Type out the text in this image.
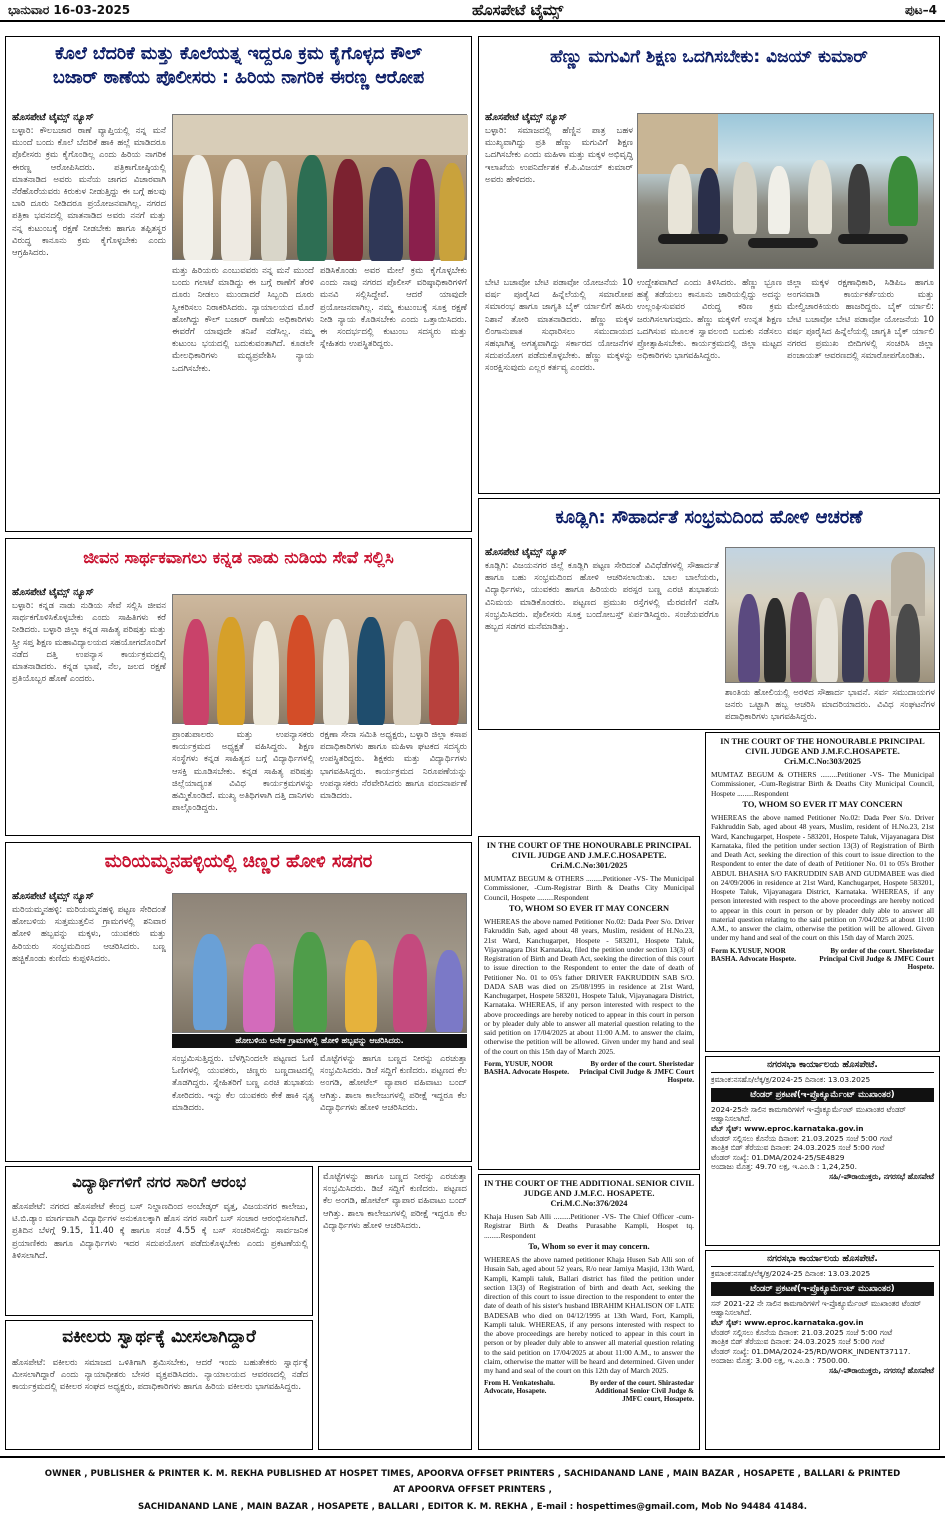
ಭಾನುವಾರ 16-03-2025	ಹೊಸಪೇಟೆ ಟೈಮ್ಸ್	ಪುಟ–4
ಕೊಲೆ ಬೆದರಿಕೆ ಮತ್ತು ಕೊಲೆಯತ್ನ ಇದ್ದರೂ ಕ್ರಮ ಕೈಗೊಳ್ಳದ ಕೌಲ್
ಬಜಾರ್ ಠಾಣೆಯ ಪೊಲೀಸರು : ಹಿರಿಯ ನಾಗರಿಕ ಈರಣ್ಣ ಆರೋಪ
ಹೊಸಪೇಟೆ ಟೈಮ್ಸ್ ನ್ಯೂಸ್
ಬಳ್ಳಾರಿ: ಕೌಲಬಜಾರ ಠಾಣೆ ವ್ಯಾಪ್ತಿಯಲ್ಲಿ ನನ್ನ ಮನೆ ಮುಂದೆ ಬಂದು ಕೊಲೆ ಬೆದರಿಕೆ ಹಾಕಿ ಹಲ್ಲೆ ಮಾಡಿದರೂ ಪೊಲೀಸರು ಕ್ರಮ ಕೈಗೊಂಡಿಲ್ಲ ಎಂದು ಹಿರಿಯ ನಾಗರಿಕ ಈರಣ್ಣ ಆರೋಪಿಸಿದರು. ಪತ್ರಿಕಾಗೋಷ್ಠಿಯಲ್ಲಿ ಮಾತನಾಡಿದ ಅವರು ಮನೆಯ ಜಾಗದ ವಿಚಾರವಾಗಿ ನೆರೆಹೊರೆಯವರು ಕಿರುಕುಳ ನೀಡುತ್ತಿದ್ದು ಈ ಬಗ್ಗೆ ಹಲವು ಬಾರಿ ದೂರು ನೀಡಿದರೂ ಪ್ರಯೋಜನವಾಗಿಲ್ಲ. ನಗರದ ಪತ್ರಿಕಾ ಭವನದಲ್ಲಿ ಮಾತನಾಡಿದ ಅವರು ನನಗೆ ಮತ್ತು ನನ್ನ ಕುಟುಂಬಕ್ಕೆ ರಕ್ಷಣೆ ನೀಡಬೇಕು ಹಾಗೂ ತಪ್ಪಿತಸ್ಥರ ವಿರುದ್ಧ ಕಾನೂನು ಕ್ರಮ ಕೈಗೊಳ್ಳಬೇಕು ಎಂದು ಆಗ್ರಹಿಸಿದರು.
ಮತ್ತು ಹಿರಿಯರು ಎಂಬುವವರು ನನ್ನ ಮನೆ ಮುಂದೆ ಬಂದು ಗಲಾಟೆ ಮಾಡಿದ್ದು ಈ ಬಗ್ಗೆ ಠಾಣೆಗೆ ತೆರಳಿ ದೂರು ನೀಡಲು ಮುಂದಾದರೆ ಸಿಬ್ಬಂದಿ ದೂರು ಸ್ವೀಕರಿಸಲು ನಿರಾಕರಿಸಿದರು. ನ್ಯಾಯಾಲಯದ ಮೊರೆ ಹೋಗಿದ್ದು ಕೌಲ್ ಬಜಾರ್ ಠಾಣೆಯ ಅಧಿಕಾರಿಗಳು ಈವರೆಗೆ ಯಾವುದೇ ತನಿಖೆ ನಡೆಸಿಲ್ಲ. ನಮ್ಮ ಕುಟುಂಬ ಭಯದಲ್ಲಿ ಬದುಕುವಂತಾಗಿದೆ. ಕೂಡಲೇ ಮೇಲಧಿಕಾರಿಗಳು ಮಧ್ಯಪ್ರವೇಶಿಸಿ ನ್ಯಾಯ ಒದಗಿಸಬೇಕು.
ಪಡಿಸಿಕೊಂಡು ಅವರ ಮೇಲೆ ಕ್ರಮ ಕೈಗೊಳ್ಳಬೇಕು ಎಂದು ನಾವು ನಗರದ ಪೊಲೀಸ್ ವರಿಷ್ಠಾಧಿಕಾರಿಗಳಿಗೆ ಮನವಿ ಸಲ್ಲಿಸಿದ್ದೇವೆ. ಆದರೆ ಯಾವುದೇ ಪ್ರಯೋಜನವಾಗಿಲ್ಲ. ನಮ್ಮ ಕುಟುಂಬಕ್ಕೆ ಸೂಕ್ತ ರಕ್ಷಣೆ ನೀಡಿ ನ್ಯಾಯ ಕೊಡಿಸಬೇಕು ಎಂದು ಒತ್ತಾಯಿಸಿದರು. ಈ ಸಂದರ್ಭದಲ್ಲಿ ಕುಟುಂಬ ಸದಸ್ಯರು ಮತ್ತು ಸ್ನೇಹಿತರು ಉಪಸ್ಥಿತರಿದ್ದರು.
ಹೆಣ್ಣು ಮಗುವಿಗೆ ಶಿಕ್ಷಣ ಒದಗಿಸಬೇಕು: ವಿಜಯ್ ಕುಮಾರ್
ಹೊಸಪೇಟೆ ಟೈಮ್ಸ್ ನ್ಯೂಸ್
ಬಳ್ಳಾರಿ: ಸಮಾಜದಲ್ಲಿ ಹೆಣ್ಣಿನ ಪಾತ್ರ ಬಹಳ ಮುಖ್ಯವಾಗಿದ್ದು ಪ್ರತಿ ಹೆಣ್ಣು ಮಗುವಿಗೆ ಶಿಕ್ಷಣ ಒದಗಿಸಬೇಕು ಎಂದು ಮಹಿಳಾ ಮತ್ತು ಮಕ್ಕಳ ಅಭಿವೃದ್ಧಿ ಇಲಾಖೆಯ ಉಪನಿರ್ದೇಶಕ ಕೆ.ಪಿ.ವಿಜಯ್ ಕುಮಾರ್ ಅವರು ಹೇಳಿದರು.
ಬೇಟಿ ಬಚಾವೋ ಬೇಟಿ ಪಡಾವೋ ಯೋಜನೆಯ 10 ವರ್ಷ ಪೂರೈಸಿದ ಹಿನ್ನೆಲೆಯಲ್ಲಿ ಸಮಾರೋಪ ಸಮಾರಂಭ ಹಾಗೂ ಜಾಗೃತಿ ಬೈಕ್ ರ್ಯಾಲಿಗೆ ಹಸಿರು ನಿಶಾನೆ ತೋರಿ ಮಾತನಾಡಿದರು. ಹೆಣ್ಣು ಮಕ್ಕಳ ಲಿಂಗಾನುಪಾತ ಸುಧಾರಿಸಲು ಸಮುದಾಯದ ಸಹಭಾಗಿತ್ವ ಅಗತ್ಯವಾಗಿದ್ದು ಸರ್ಕಾರದ ಯೋಜನೆಗಳ ಸದುಪಯೋಗ ಪಡೆದುಕೊಳ್ಳಬೇಕು. ಹೆಣ್ಣು ಮಕ್ಕಳನ್ನು ಸಂರಕ್ಷಿಸುವುದು ಎಲ್ಲರ ಕರ್ತವ್ಯ ಎಂದರು.
ಉದ್ದೇಶವಾಗಿದೆ ಎಂದು ತಿಳಿಸಿದರು. ಹೆಣ್ಣು ಭ್ರೂಣ ಹತ್ಯೆ ತಡೆಯಲು ಕಾನೂನು ಜಾರಿಯಲ್ಲಿದ್ದು ಅದನ್ನು ಉಲ್ಲಂಘಿಸುವವರ ವಿರುದ್ಧ ಕಠಿಣ ಕ್ರಮ ಜರುಗಿಸಲಾಗುವುದು. ಹೆಣ್ಣು ಮಕ್ಕಳಿಗೆ ಉನ್ನತ ಶಿಕ್ಷಣ ಒದಗಿಸುವ ಮೂಲಕ ಸ್ವಾವಲಂಬಿ ಬದುಕು ನಡೆಸಲು ಪ್ರೋತ್ಸಾಹಿಸಬೇಕು. ಕಾರ್ಯಕ್ರಮದಲ್ಲಿ ಜಿಲ್ಲಾ ಮಟ್ಟದ ಅಧಿಕಾರಿಗಳು ಭಾಗವಹಿಸಿದ್ದರು.
ಜಿಲ್ಲಾ ಮಕ್ಕಳ ರಕ್ಷಣಾಧಿಕಾರಿ, ಸಿಡಿಪಿಒ ಹಾಗೂ ಅಂಗನವಾಡಿ ಕಾರ್ಯಕರ್ತೆಯರು ಮತ್ತು ಮೇಲ್ವಿಚಾರಕಿಯರು ಹಾಜರಿದ್ದರು. ಬೈಕ್ ರ್ಯಾಲಿ: ಬೇಟಿ ಬಚಾವೋ ಬೇಟಿ ಪಡಾವೋ ಯೋಜನೆಯ 10 ವರ್ಷ ಪೂರೈಸಿದ ಹಿನ್ನೆಲೆಯಲ್ಲಿ ಜಾಗೃತಿ ಬೈಕ್ ರ್ಯಾಲಿ ನಗರದ ಪ್ರಮುಖ ಬೀದಿಗಳಲ್ಲಿ ಸಂಚರಿಸಿ ಜಿಲ್ಲಾ ಪಂಚಾಯತ್ ಆವರಣದಲ್ಲಿ ಸಮಾರೋಪಗೊಂಡಿತು.
ಕೂಡ್ಲಿಗಿ: ಸೌಹಾರ್ದತೆ ಸಂಭ್ರಮದಿಂದ ಹೋಳಿ ಆಚರಣೆ
ಹೊಸಪೇಟೆ ಟೈಮ್ಸ್ ನ್ಯೂಸ್
ಕೂಡ್ಲಿಗಿ: ವಿಜಯನಗರ ಜಿಲ್ಲೆ ಕೂಡ್ಲಿಗಿ ಪಟ್ಟಣ ಸೇರಿದಂತೆ ವಿವಿಧೆಡೆಗಳಲ್ಲಿ ಸೌಹಾರ್ದತೆ ಹಾಗೂ ಬಹು ಸಂಭ್ರಮದಿಂದ ಹೋಳಿ ಆಚರಿಸಲಾಯಿತು. ಬಾಲ ಬಾಲೆಯರು, ವಿದ್ಯಾರ್ಥಿಗಳು, ಯುವಕರು ಹಾಗೂ ಹಿರಿಯರು ಪರಸ್ಪರ ಬಣ್ಣ ಎರಚಿ ಶುಭಾಶಯ ವಿನಿಮಯ ಮಾಡಿಕೊಂಡರು. ಪಟ್ಟಣದ ಪ್ರಮುಖ ರಸ್ತೆಗಳಲ್ಲಿ ಮೆರವಣಿಗೆ ನಡೆಸಿ ಸಂಭ್ರಮಿಸಿದರು. ಪೊಲೀಸರು ಸೂಕ್ತ ಬಂದೋಬಸ್ತ್ ಏರ್ಪಡಿಸಿದ್ದರು. ಸಂಜೆಯವರೆಗೂ ಹಬ್ಬದ ಸಡಗರ ಮನೆಮಾಡಿತ್ತು.
ಶಾಂತಿಯ ಹೋಲಿಯಲ್ಲಿ ಅರಳಿದ ಸೌಹಾರ್ದ ಭಾವನೆ. ಸರ್ವ ಸಮುದಾಯಗಳ ಜನರು ಒಟ್ಟಾಗಿ ಹಬ್ಬ ಆಚರಿಸಿ ಮಾದರಿಯಾದರು. ವಿವಿಧ ಸಂಘಟನೆಗಳ ಪದಾಧಿಕಾರಿಗಳು ಭಾಗವಹಿಸಿದ್ದರು.
ಜೀವನ ಸಾರ್ಥಕವಾಗಲು ಕನ್ನಡ ನಾಡು ನುಡಿಯ ಸೇವೆ ಸಲ್ಲಿಸಿ
ಹೊಸಪೇಟೆ ಟೈಮ್ಸ್ ನ್ಯೂಸ್
ಬಳ್ಳಾರಿ: ಕನ್ನಡ ನಾಡು ನುಡಿಯ ಸೇವೆ ಸಲ್ಲಿಸಿ ಜೀವನ ಸಾರ್ಥಕಗೊಳಿಸಿಕೊಳ್ಳಬೇಕು ಎಂದು ಸಾಹಿತಿಗಳು ಕರೆ ನೀಡಿದರು. ಬಳ್ಳಾರಿ ಜಿಲ್ಲಾ ಕನ್ನಡ ಸಾಹಿತ್ಯ ಪರಿಷತ್ತು ಮತ್ತು ಸ್ತ್ರೀ ಸಪ್ತ ಶಿಕ್ಷಣ ಮಹಾವಿದ್ಯಾಲಯದ ಸಹಯೋಗದೊಂದಿಗೆ ನಡೆದ ದತ್ತಿ ಉಪನ್ಯಾಸ ಕಾರ್ಯಕ್ರಮದಲ್ಲಿ ಮಾತನಾಡಿದರು. ಕನ್ನಡ ಭಾಷೆ, ನೆಲ, ಜಲದ ರಕ್ಷಣೆ ಪ್ರತಿಯೊಬ್ಬರ ಹೊಣೆ ಎಂದರು.
ಪ್ರಾಂಶುಪಾಲರು ಮತ್ತು ಉಪನ್ಯಾಸಕರು ಕಾರ್ಯಕ್ರಮದ ಅಧ್ಯಕ್ಷತೆ ವಹಿಸಿದ್ದರು. ಶಿಕ್ಷಣ ಸಂಸ್ಥೆಗಳು ಕನ್ನಡ ಸಾಹಿತ್ಯದ ಬಗ್ಗೆ ವಿದ್ಯಾರ್ಥಿಗಳಲ್ಲಿ ಆಸಕ್ತಿ ಮೂಡಿಸಬೇಕು. ಕನ್ನಡ ಸಾಹಿತ್ಯ ಪರಿಷತ್ತು ಜಿಲ್ಲೆಯಾದ್ಯಂತ ವಿವಿಧ ಕಾರ್ಯಕ್ರಮಗಳನ್ನು ಹಮ್ಮಿಕೊಂಡಿದೆ. ಮುಖ್ಯ ಅತಿಥಿಗಳಾಗಿ ದತ್ತಿ ದಾನಿಗಳು ಪಾಲ್ಗೊಂಡಿದ್ದರು.
ರಕ್ಷಣಾ ಸೇನಾ ಸಮಿತಿ ಅಧ್ಯಕ್ಷರು, ಬಳ್ಳಾರಿ ಜಿಲ್ಲಾ ಕಸಾಪ ಪದಾಧಿಕಾರಿಗಳು ಹಾಗೂ ಮಹಿಳಾ ಘಟಕದ ಸದಸ್ಯರು ಉಪಸ್ಥಿತರಿದ್ದರು. ಶಿಕ್ಷಕರು ಮತ್ತು ವಿದ್ಯಾರ್ಥಿಗಳು ಭಾಗವಹಿಸಿದ್ದರು. ಕಾರ್ಯಕ್ರಮದ ನಿರೂಪಣೆಯನ್ನು ಉಪನ್ಯಾಸಕರು ನೆರವೇರಿಸಿದರು ಹಾಗೂ ವಂದನಾರ್ಪಣೆ ಮಾಡಿದರು.
ಮರಿಯಮ್ಮನಹಳ್ಳಿಯಲ್ಲಿ ಚಿಣ್ಣರ ಹೋಳಿ ಸಡಗರ
ಹೊಸಪೇಟೆ ಟೈಮ್ಸ್ ನ್ಯೂಸ್
ಮರಿಯಮ್ಮನಹಳ್ಳಿ: ಮರಿಯಮ್ಮನಹಳ್ಳಿ ಪಟ್ಟಣ ಸೇರಿದಂತೆ ಹೋಬಳಿಯ ಸುತ್ತಮುತ್ತಲಿನ ಗ್ರಾಮಗಳಲ್ಲಿ ಶನಿವಾರ ಹೋಳಿ ಹಬ್ಬವನ್ನು ಮಕ್ಕಳು, ಯುವಕರು ಮತ್ತು ಹಿರಿಯರು ಸಂಭ್ರಮದಿಂದ ಆಚರಿಸಿದರು. ಬಣ್ಣ ಹಚ್ಚಿಕೊಂಡು ಕುಣಿದು ಕುಪ್ಪಳಿಸಿದರು.
ಹೋಬಳಿಯ ಅನೇಕ ಗ್ರಾಮಗಳಲ್ಲಿ ಹೋಳಿ ಹಬ್ಬವನ್ನು ಆಚರಿಸಿದರು.
ಸಂಭ್ರಮಿಸುತ್ತಿದ್ದರು. ಬೆಳಗ್ಗಿನಿಂದಲೇ ಪಟ್ಟಣದ ಓಣಿ ಓಣಿಗಳಲ್ಲಿ ಯುವಕರು, ಚಿಣ್ಣರು ಬಣ್ಣದಾಟದಲ್ಲಿ ತೊಡಗಿದ್ದರು. ಸ್ನೇಹಿತರಿಗೆ ಬಣ್ಣ ಎರಚಿ ಶುಭಾಶಯ ಕೋರಿದರು. ಇನ್ನು ಕೆಲ ಯುವಕರು ಕೇಕೆ ಹಾಕಿ ನೃತ್ಯ ಮಾಡಿದರು.
ಮೊಟ್ಟೆಗಳನ್ನು ಹಾಗೂ ಬಣ್ಣದ ನೀರನ್ನು ಎರಚುತ್ತಾ ಸಂಭ್ರಮಿಸಿದರು. ಡಿಜೆ ಸದ್ದಿಗೆ ಕುಣಿದರು. ಪಟ್ಟಣದ ಕೆಲ ಅಂಗಡಿ, ಹೋಟೆಲ್ ವ್ಯಾಪಾರ ವಹಿವಾಟು ಬಂದ್ ಆಗಿತ್ತು. ಶಾಲಾ ಕಾಲೇಜುಗಳಲ್ಲಿ ಪರೀಕ್ಷೆ ಇದ್ದರೂ ಕೆಲ ವಿದ್ಯಾರ್ಥಿಗಳು ಹೋಳಿ ಆಚರಿಸಿದರು.
ವಿದ್ಯಾರ್ಥಿಗಳಿಗೆ ನಗರ ಸಾರಿಗೆ ಆರಂಭ
ಹೊಸಪೇಟೆ: ನಗರದ ಹೊಸಪೇಟೆ ಕೇಂದ್ರ ಬಸ್ ನಿಲ್ದಾಣದಿಂದ ಅಂಬೇಡ್ಕರ್ ವೃತ್ತ, ವಿಜಯನಗರ ಕಾಲೇಜು, ಟಿ.ಬಿ.ಡ್ಯಾಂ ಮಾರ್ಗವಾಗಿ ವಿದ್ಯಾರ್ಥಿಗಳ ಅನುಕೂಲಕ್ಕಾಗಿ ಹೊಸ ನಗರ ಸಾರಿಗೆ ಬಸ್ ಸಂಚಾರ ಆರಂಭಿಸಲಾಗಿದೆ. ಪ್ರತಿದಿನ ಬೆಳಗ್ಗೆ 9.15, 11.40 ಕ್ಕೆ ಹಾಗೂ ಸಂಜೆ 4.55 ಕ್ಕೆ ಬಸ್ ಸಂಚರಿಸಲಿದ್ದು ಸಾರ್ವಜನಿಕ ಪ್ರಯಾಣಿಕರು ಹಾಗೂ ವಿದ್ಯಾರ್ಥಿಗಳು ಇದರ ಸದುಪಯೋಗ ಪಡೆದುಕೊಳ್ಳಬೇಕು ಎಂದು ಪ್ರಕಟಣೆಯಲ್ಲಿ ತಿಳಿಸಲಾಗಿದೆ.
ವಕೀಲರು ಸ್ವಾರ್ಥಕ್ಕೆ ಮೀಸಲಾಗಿದ್ದಾರೆ
ಹೊಸಪೇಟೆ: ವಕೀಲರು ಸಮಾಜದ ಒಳಿತಿಗಾಗಿ ಶ್ರಮಿಸಬೇಕು, ಆದರೆ ಇಂದು ಬಹುತೇಕರು ಸ್ವಾರ್ಥಕ್ಕೆ ಮೀಸಲಾಗಿದ್ದಾರೆ ಎಂದು ನ್ಯಾಯಾಧೀಶರು ಬೇಸರ ವ್ಯಕ್ತಪಡಿಸಿದರು. ನ್ಯಾಯಾಲಯದ ಆವರಣದಲ್ಲಿ ನಡೆದ ಕಾರ್ಯಕ್ರಮದಲ್ಲಿ ವಕೀಲರ ಸಂಘದ ಅಧ್ಯಕ್ಷರು, ಪದಾಧಿಕಾರಿಗಳು ಹಾಗೂ ಹಿರಿಯ ವಕೀಲರು ಭಾಗವಹಿಸಿದ್ದರು.
IN THE COURT OF THE HONOURABLE PRINCIPAL CIVIL JUDGE AND J.M.F.C.HOSAPETE.
Cri.M.C.No:303/2025
MUMTAZ BEGUM & OTHERS .........Petitioner -VS- The Municipal Commissioner, -Cum-Registrar Birth & Deaths City Municipal Council, Hospete .........Respondent
TO, WHOM SO EVER IT MAY CONCERN
WHEREAS the above named Petitioner No.02: Dada Peer S/o. Driver Fakhruddin Sab, aged about 48 years, Muslim, resident of H.No.23, 21st Ward, Kanchugarpet, Hospete - 583201, Hospete Taluk, Vijayanagara Dist Karnataka, filed the petition under section 13(3) of Registration of Birth and Death Act, seeking the direction of this court to issue direction to the Respondent to enter the date of death of Petitioner No. 01 to 05's Brother ABDUL BHASHA S/O FAKRUDDIN SAB AND GUDMABEE was died on 24/09/2006 in residence at 21st Ward, Kanchugarpet, Hospete 583201, Hospete Taluk, Vijayanagara District, Karnataka. WHEREAS, if any person interested with respect to the above proceedings are hereby noticed to appear in this court in person or by pleader duly able to answer all material question relating to the said petition on 7/04/2025 at about 11:00 A.M., to answer the claim, otherwise the petition will be allowed. Given under my hand and seal of the court on this 15th day of March 2025.
Form K.YUSUF, NOOR BASHA. Advocate Hospete.
By order of the court. Sheristedar Principal Civil Judge & JMFC Court Hospete.
IN THE COURT OF THE HONOURABLE PRINCIPAL CIVIL JUDGE AND J.M.F.C.HOSAPETE.
Cri.M.C.No:301/2025
MUMTAZ BEGUM & OTHERS .........Petitioner -VS- The Municipal Commissioner, -Cum-Registrar Birth & Deaths City Municipal Council, Hospete .........Respondent
TO, WHOM SO EVER IT MAY CONCERN
WHEREAS the above named Petitioner No.02: Dada Peer S/o. Driver Fakruddin Sab, aged about 48 years, Muslim, resident of H.No.23, 21st Ward, Kanchugarpet, Hospete - 583201, Hospete Taluk, Vijayanagara Dist Karnataka, filed the petition under section 13(3) of Registration of Birth and Death Act, seeking the direction of this court to issue direction to the Respondent to enter the date of death of Petitioner No. 01 to 05's father DRIVER FAKRUDDIN SAB S/O. DADA SAB was died on 25/08/1995 in residence at 21st Ward, Kanchugarpet, Hospete 583201, Hospete Taluk, Vijayanagara District, Karnataka. WHEREAS, if any person interested with respect to the above proceedings are hereby noticed to appear in this court in person or by pleader duly able to answer all material question relating to the said petition on 17/04/2025 at about 11:00 A.M. to answer the claim, otherwise the petition will be allowed. Given under my hand and seal of the court on this 15th day of March 2025.
Form, YUSUF, NOOR BASHA. Advocate Hospete.
By order of the court. Sheristedar Principal Civil Judge & JMFC Court Hospete.
IN THE COURT OF THE ADDITIONAL SENIOR CIVIL JUDGE AND J.M.F.C. HOSAPETE.
Cri.M.C.No:376/2024
Khaja Husen Sab Alli .........Petitioner -VS- The Chief Officer -cum-Registrar Birth & Deaths Purasabhe Kampli, Hospet tq. .........Respondent
To, Whom so ever it may concern.
WHEREAS the above named petitioner Khaja Husen Sab Alli son of Husain Sab, aged about 52 years, R/o near Jamiya Masjid, 13th Ward, Kampli, Kampli taluk, Ballari district has filed the petition under section 13(3) of Registration of birth and death Act, seeking the direction of this court to issue direction to the respondent to enter the date of death of his sister's husband IBRAHIM KHALISON OF LATE BADESAB who died on 04/12/1995 at 13th Ward, Fort, Kampli, Kampli taluk. WHEREAS, if any persons interested with respect to the above proceedings are hereby noticed to appear in this court in person or by pleader duly able to answer all material question relating to the said petition on 17/04/2025 at about 11:00 A.M., to answer the claim, otherwise the matter will be heard and determined. Given under my hand and seal of the court on this 12th day of March 2025.
From H. Venkateshalu. Advocate, Hosapete.
By order of the court. Shirastedar Additional Senior Civil Judge & JMFC court, Hosapete.
ಮೊಟ್ಟೆಗಳನ್ನು ಹಾಗೂ ಬಣ್ಣದ ನೀರನ್ನು ಎರಚುತ್ತಾ ಸಂಭ್ರಮಿಸಿದರು. ಡಿಜೆ ಸದ್ದಿಗೆ ಕುಣಿದರು. ಪಟ್ಟಣದ ಕೆಲ ಅಂಗಡಿ, ಹೋಟೆಲ್ ವ್ಯಾಪಾರ ವಹಿವಾಟು ಬಂದ್ ಆಗಿತ್ತು. ಶಾಲಾ ಕಾಲೇಜುಗಳಲ್ಲಿ ಪರೀಕ್ಷೆ ಇದ್ದರೂ ಕೆಲ ವಿದ್ಯಾರ್ಥಿಗಳು ಹೋಳಿ ಆಚರಿಸಿದರು.
ನಗರಸಭಾ ಕಾರ್ಯಾಲಯ ಹೊಸಪೇಟೆ.
ಕ್ರಮಾಂಕ:ನಸಹೊ/ಲೆಕ್ಕ/ಕ್ರ/2024-25 ದಿನಾಂಕ: 13.03.2025
ಟೆಂಡರ್ ಪ್ರಕಟಣೆ(ಇ-ಪ್ರೊಕ್ಯೂರ್ಮೆಂಟ್ ಮುಖಾಂತರ)
2024-25ನೇ ಸಾಲಿನ ಕಾಮಗಾರಿಗಳಿಗೆ ಇ-ಪ್ರೊಕ್ಯೂರ್ಮೆಂಟ್ ಮುಖಾಂತರ ಟೆಂಡರ್ ಆಹ್ವಾನಿಸಲಾಗಿದೆ.
ವೆಬ್ ಸೈಟ್: www.eproc.karnataka.gov.in
ಟೆಂಡರ್ ಸಲ್ಲಿಸಲು ಕೊನೆಯ ದಿನಾಂಕ: 21.03.2025 ಸಂಜೆ 5:00 ಗಂಟೆ
ತಾಂತ್ರಿಕ ಬಿಡ್ ತೆರೆಯುವ ದಿನಾಂಕ: 24.03.2025 ಸಂಜೆ 5:00 ಗಂಟೆ
ಟೆಂಡರ್ ಸಂಖ್ಯೆ: 01.DMA/2024-25/SE4829
ಅಂದಾಜು ಮೊತ್ತ: 49.70 ಲಕ್ಷ, ಇ.ಎಂ.ಡಿ : 1,24,250.
ಸಹಿ/-ಪೌರಾಯುಕ್ತರು, ನಗರಸಭೆ ಹೊಸಪೇಟೆ
ನಗರಸಭಾ ಕಾರ್ಯಾಲಯ ಹೊಸಪೇಟೆ.
ಕ್ರಮಾಂಕ:ನಸಹೊ/ಲೆಕ್ಕ/ಕ್ರ/2024-25 ದಿನಾಂಕ: 13.03.2025
ಟೆಂಡರ್ ಪ್ರಕಟಣೆ(ಇ-ಪ್ರೊಕ್ಯೂರ್ಮೆಂಟ್ ಮುಖಾಂತರ)
ಸನ್ 2021-22 ನೇ ಸಾಲಿನ ಕಾಮಗಾರಿಗಳಿಗೆ ಇ-ಪ್ರೊಕ್ಯೂರ್ಮೆಂಟ್ ಮುಖಾಂತರ ಟೆಂಡರ್ ಆಹ್ವಾನಿಸಲಾಗಿದೆ.
ವೆಬ್ ಸೈಟ್: www.eproc.karnataka.gov.in
ಟೆಂಡರ್ ಸಲ್ಲಿಸಲು ಕೊನೆಯ ದಿನಾಂಕ: 21.03.2025 ಸಂಜೆ 5:00 ಗಂಟೆ
ತಾಂತ್ರಿಕ ಬಿಡ್ ತೆರೆಯುವ ದಿನಾಂಕ: 24.03.2025 ಸಂಜೆ 5:00 ಗಂಟೆ
ಟೆಂಡರ್ ಸಂಖ್ಯೆ: 01.DMA/2024-25/RD/WORK_INDENT37117.
ಅಂದಾಜು ಮೊತ್ತ: 3.00 ಲಕ್ಷ, ಇ.ಎಂ.ಡಿ : 7500.00.
ಸಹಿ/-ಪೌರಾಯುಕ್ತರು, ನಗರಸಭೆ ಹೊಸಪೇಟೆ
OWNER , PUBLISHER & PRINTER K. M. REKHA PUBLISHED AT HOSPET TIMES, APOORVA OFFSET PRINTERS , SACHIDANAND LANE , MAIN BAZAR , HOSAPETE , BALLARI & PRINTED AT APOORVA OFFSET PRINTERS ,
SACHIDANAND LANE , MAIN BAZAR , HOSAPETE , BALLARI , EDITOR K. M. REKHA , E-mail : hospettimes@gmail.com, Mob No 94484 41484.
